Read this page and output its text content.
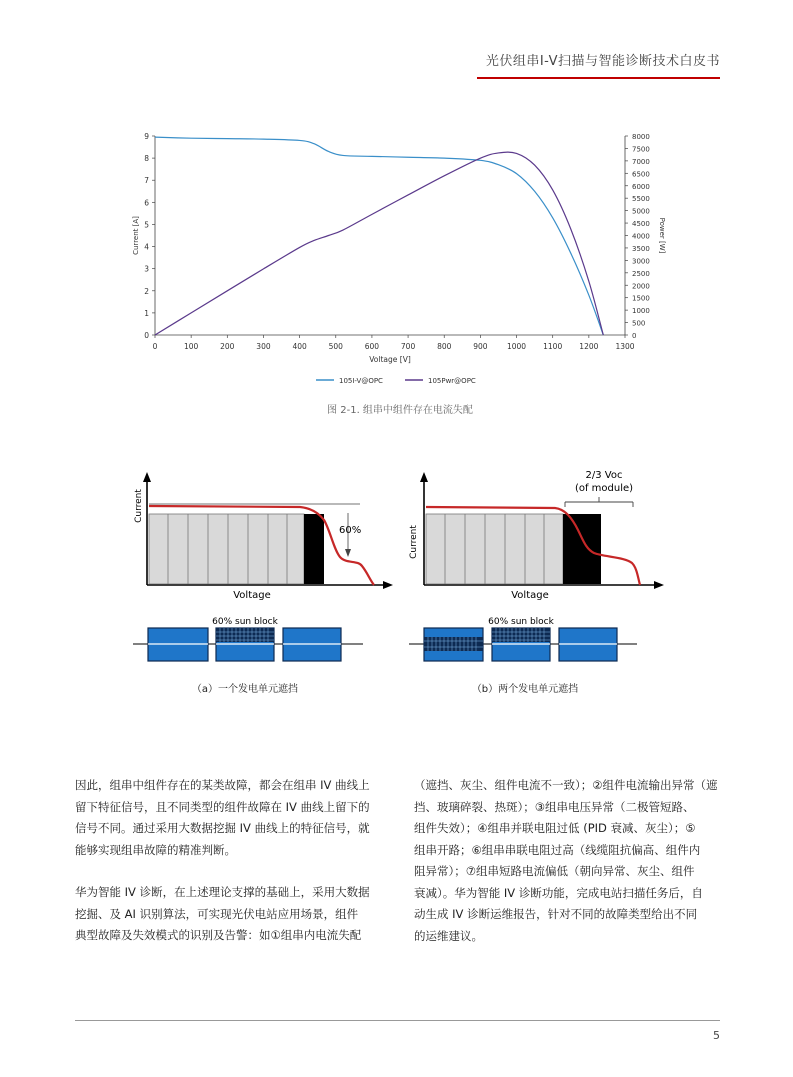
光伏组串I-V扫描与智能诊断技术白皮书
0	100	200	300	400	500	600	700	800	900	1000 1100 1200 1300
0
1
2
3
4
5
6
7
8
9
0
500
1000
1500
2000
2500
3000
3500
4000
4500
5000
5500
6000
6500
7000
7500
8000
Voltage [V]
Current [A]	Power [W]
105I-V@OPC	105Pwr@OPC
图 2-1. 组串中组件存在电流失配
60%
Current
Voltage
60% sun block
（a）一个发电单元遮挡
2/3 Voc
(of module)
Current
Voltage
60% sun block
（b）两个发电单元遮挡
因此，组串中组件存在的某类故障，都会在组串 IV 曲线上
留下特征信号，且不同类型的组件故障在 IV 曲线上留下的
信号不同。通过采用大数据挖掘 IV 曲线上的特征信号，就
能够实现组串故障的精准判断。
华为智能 IV 诊断，在上述理论支撑的基础上，采用大数据
挖掘、及 AI 识别算法，可实现光伏电站应用场景，组件
典型故障及失效模式的识别及告警：如①组串内电流失配
（遮挡、灰尘、组件电流不一致）；②组件电流输出异常（遮
挡、玻璃碎裂、热斑）；③组串电压异常（二极管短路、
组件失效）；④组串并联电阻过低 (PID 衰减、灰尘）；⑤
组串开路；⑥组串串联电阻过高（线缆阻抗偏高、组件内
阻异常）；⑦组串短路电流偏低（朝向异常、灰尘、组件
衰减）。华为智能 IV 诊断功能，完成电站扫描任务后，自
动生成 IV 诊断运维报告，针对不同的故障类型给出不同
的运维建议。
5
